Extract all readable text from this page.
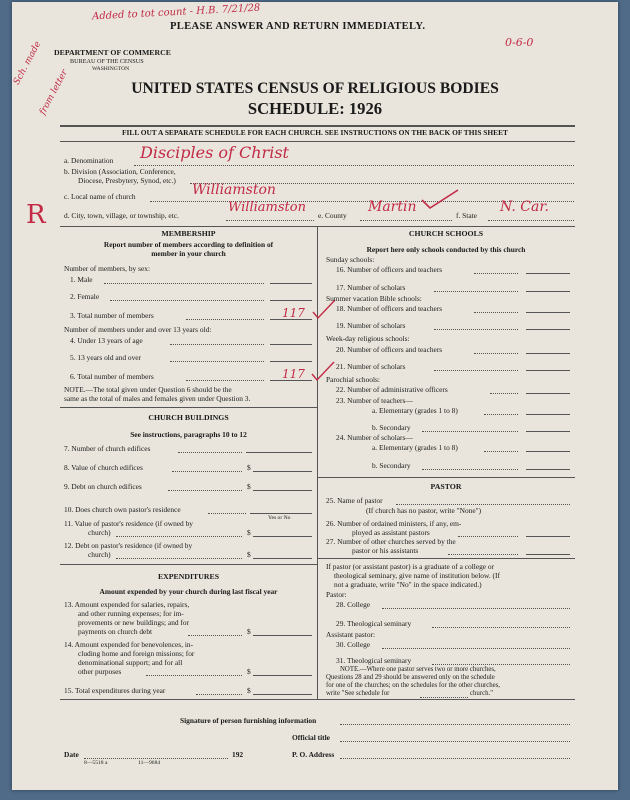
Added to tot count - H.B. 7/21/28
PLEASE ANSWER AND RETURN IMMEDIATELY.
0-6-0
Sch. made
from letter
DEPARTMENT OF COMMERCE
BUREAU OF THE CENSUS
WASHINGTON
UNITED STATES CENSUS OF RELIGIOUS BODIES
SCHEDULE: 1926
FILL OUT A SEPARATE SCHEDULE FOR EACH CHURCH. SEE INSTRUCTIONS ON THE BACK OF THIS SHEET
a. Denomination Disciples of Christ
b. Division (Association, Conference,
Diocese, Presbytery, Synod, etc.)
c. Local name of church	Williamston
R d. City, town, village, or township, etc.
Williamston
e. County
Martin
f. State
N. Car.
MEMBERSHIP
Report number of members according to definition of
member in your church
Number of members, by sex:
1. Male
2. Female
3. Total number of members	117
Number of members under and over 13 years old:
4. Under 13 years of age
5. 13 years old and over
6. Total number of members	117
NOTE.—The total given under Question 6 should be the
same as the total of males and females given under Question 3.
CHURCH BUILDINGS
See instructions, paragraphs 10 to 12
7. Number of church edifices
8. Value of church edifices	$
9. Debt on church edifices	$
10. Does church own pastor's residence
Yes or No
11. Value of pastor's residence (if owned by
church)	$
12. Debt on pastor's residence (if owned by
church)	$
EXPENDITURES
Amount expended by your church during last fiscal year
13. Amount expended for salaries, repairs,
and other running expenses; for im-
provements or new buildings; and for
payments on church debt	$
14. Amount expended for benevolences, in-
cluding home and foreign missions; for
denominational support; and for all
other purposes	$
15. Total expenditures during year	$
CHURCH SCHOOLS
Report here only schools conducted by this church
Sunday schools:
16. Number of officers and teachers
17. Number of scholars
Summer vacation Bible schools:
18. Number of officers and teachers
19. Number of scholars
Week-day religious schools:
20. Number of officers and teachers
21. Number of scholars
Parochial schools:
22. Number of administrative officers
23. Number of teachers—
a. Elementary (grades 1 to 8)
b. Secondary
24. Number of scholars—
a. Elementary (grades 1 to 8)
b. Secondary
PASTOR
25. Name of pastor
(If church has no pastor, write "None")
26. Number of ordained ministers, if any, em-
ployed as assistant pastors
27. Number of other churches served by the
pastor or his assistants
If pastor (or assistant pastor) is a graduate of a college or
theological seminary, give name of institution below. (If
not a graduate, write "No" in the space indicated.)
Pastor:
28. College
29. Theological seminary
Assistant pastor:
30. College
31. Theological seminary
NOTE.—Where one pastor serves two or more churches,
Questions 28 and 29 should be answered only on the schedule
for one of the churches; on the schedules for the other churches,
write "See schedule for	church."
Signature of person furnishing information
Official title
Date	192	P. O. Address
8—5518 a	11—9684
